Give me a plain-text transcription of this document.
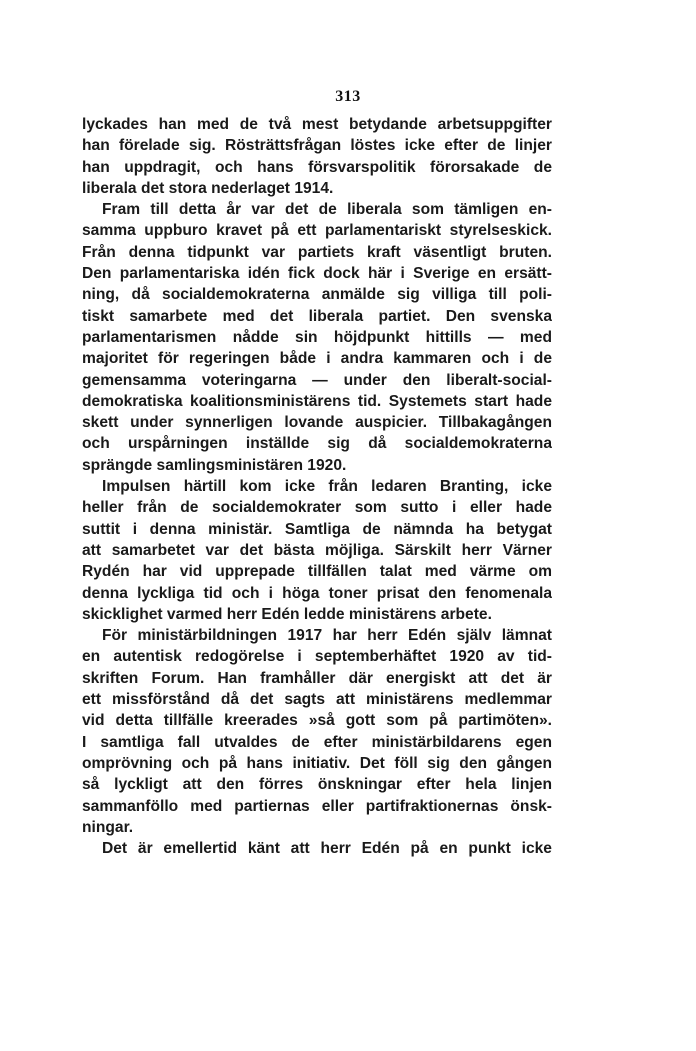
313
lyckades han med de två mest betydande arbetsuppgifter
han förelade sig. Rösträttsfrågan löstes icke efter de linjer
han uppdragit, och hans försvarspolitik förorsakade de
liberala det stora nederlaget 1914.
Fram till detta år var det de liberala som tämligen en-
samma uppburo kravet på ett parlamentariskt styrelseskick.
Från denna tidpunkt var partiets kraft väsentligt bruten.
Den parlamentariska idén fick dock här i Sverige en ersätt-
ning, då socialdemokraterna anmälde sig villiga till poli-
tiskt samarbete med det liberala partiet. Den svenska
parlamentarismen nådde sin höjdpunkt hittills — med
majoritet för regeringen både i andra kammaren och i de
gemensamma voteringarna — under den liberalt-social-
demokratiska koalitionsministärens tid. Systemets start hade
skett under synnerligen lovande auspicier. Tillbakagången
och urspårningen inställde sig då socialdemokraterna
sprängde samlingsministären 1920.
Impulsen härtill kom icke från ledaren Branting, icke
heller från de socialdemokrater som sutto i eller hade
suttit i denna ministär. Samtliga de nämnda ha betygat
att samarbetet var det bästa möjliga. Särskilt herr Värner
Rydén har vid upprepade tillfällen talat med värme om
denna lyckliga tid och i höga toner prisat den fenomenala
skicklighet varmed herr Edén ledde ministärens arbete.
För ministärbildningen 1917 har herr Edén själv lämnat
en autentisk redogörelse i septemberhäftet 1920 av tid-
skriften Forum. Han framhåller där energiskt att det är
ett missförstånd då det sagts att ministärens medlemmar
vid detta tillfälle kreerades »så gott som på partimöten».
I samtliga fall utvaldes de efter ministärbildarens egen
omprövning och på hans initiativ. Det föll sig den gången
så lyckligt att den förres önskningar efter hela linjen
sammanföllo med partiernas eller partifraktionernas önsk-
ningar.
Det är emellertid känt att herr Edén på en punkt icke
